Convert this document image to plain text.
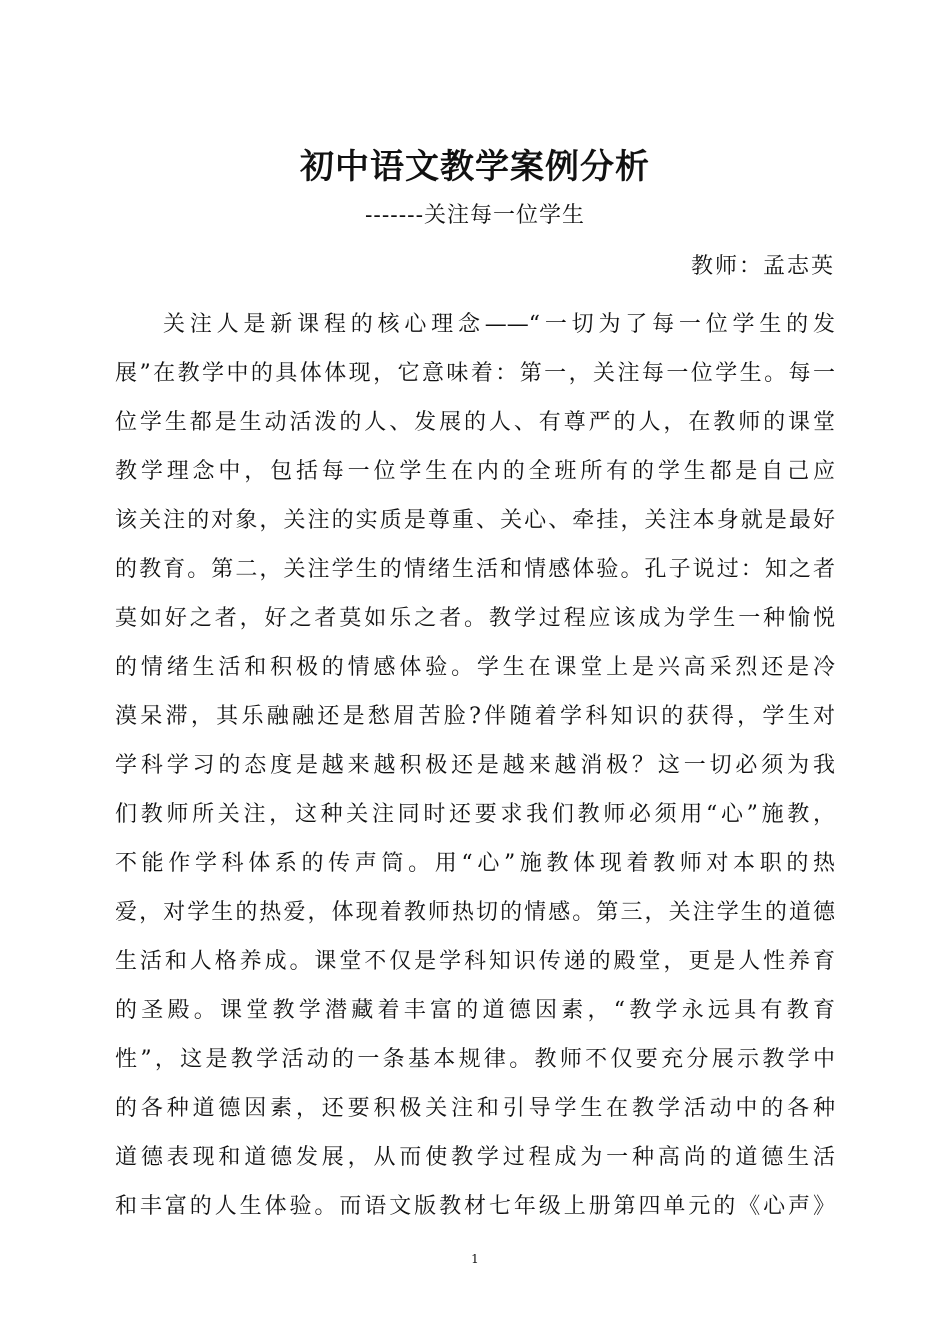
初中语文教学案例分析
-------关注每一位学生
教师：孟志英
关注人是新课程的核心理念——“一切为了每一位学生的发
展”在教学中的具体体现，它意味着：第一，关注每一位学生。每一
位学生都是生动活泼的人、发展的人、有尊严的人，在教师的课堂
教学理念中，包括每一位学生在内的全班所有的学生都是自己应
该关注的对象，关注的实质是尊重、关心、牵挂，关注本身就是最好
的教育。第二，关注学生的情绪生活和情感体验。孔子说过：知之者
莫如好之者，好之者莫如乐之者。教学过程应该成为学生一种愉悦
的情绪生活和积极的情感体验。学生在课堂上是兴高采烈还是冷
漠呆滞，其乐融融还是愁眉苦脸?伴随着学科知识的获得，学生对
学科学习的态度是越来越积极还是越来越消极？这一切必须为我
们教师所关注，这种关注同时还要求我们教师必须用“心”施教，
不能作学科体系的传声筒。用“心”施教体现着教师对本职的热
爱，对学生的热爱，体现着教师热切的情感。第三，关注学生的道德
生活和人格养成。课堂不仅是学科知识传递的殿堂，更是人性养育
的圣殿。课堂教学潜藏着丰富的道德因素，“教学永远具有教育
性”，这是教学活动的一条基本规律。教师不仅要充分展示教学中
的各种道德因素，还要积极关注和引导学生在教学活动中的各种
道德表现和道德发展，从而使教学过程成为一种高尚的道德生活
和丰富的人生体验。而语文版教材七年级上册第四单元的《心声》
1
